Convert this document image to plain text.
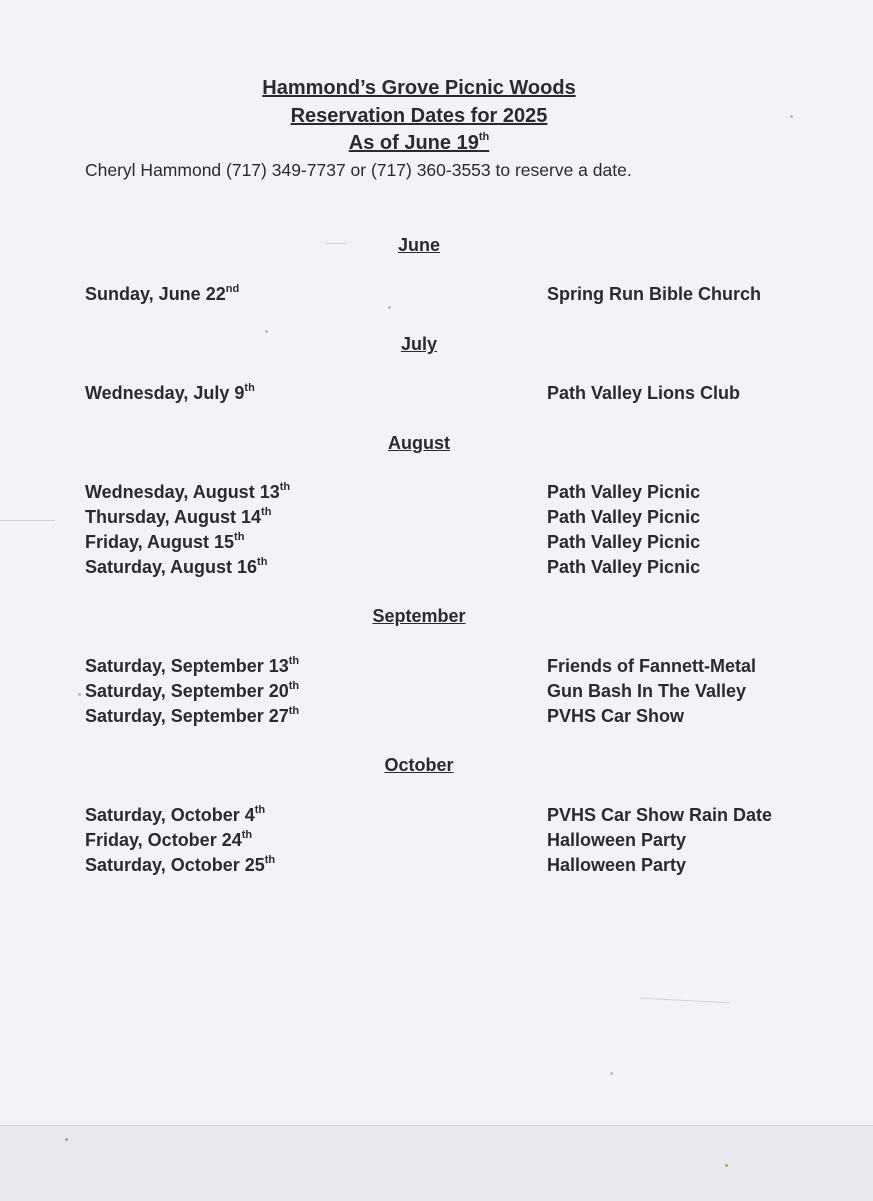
Hammond’s Grove Picnic Woods
Reservation Dates for 2025
As of June 19th
Cheryl Hammond (717) 349-7737 or (717) 360-3553 to reserve a date.
June
Sunday, June 22nd	Spring Run Bible Church
July
Wednesday, July 9th	Path Valley Lions Club
August
Wednesday, August 13th	Path Valley Picnic
Thursday, August 14th	Path Valley Picnic
Friday, August 15th	Path Valley Picnic
Saturday, August 16th	Path Valley Picnic
September
Saturday, September 13th	Friends of Fannett-Metal
Saturday, September 20th	Gun Bash In The Valley
Saturday, September 27th	PVHS Car Show
October
Saturday, October 4th	PVHS Car Show Rain Date
Friday, October 24th	Halloween Party
Saturday, October 25th	Halloween Party
